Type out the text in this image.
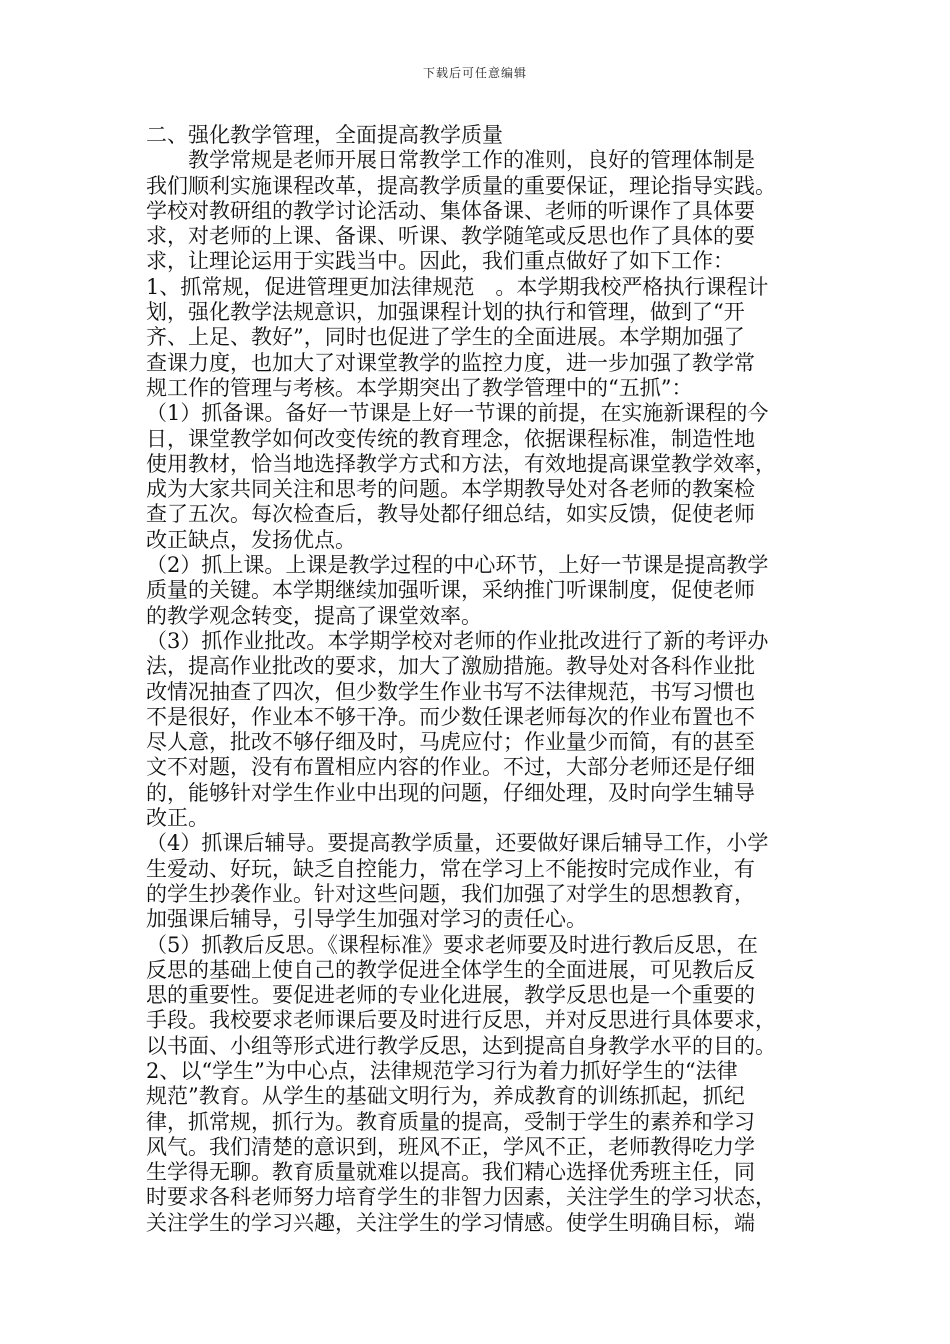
下载后可任意编辑
二、强化教学管理，全面提高教学质量
　　教学常规是老师开展日常教学工作的准则，良好的管理体制是
我们顺利实施课程改革，提高教学质量的重要保证，理论指导实践。
学校对教研组的教学讨论活动、集体备课、老师的听课作了具体要
求，对老师的上课、备课、听课、教学随笔或反思也作了具体的要
求，让理论运用于实践当中。因此，我们重点做好了如下工作：
1、抓常规，促进管理更加法律规范　。本学期我校严格执行课程计
划，强化教学法规意识，加强课程计划的执行和管理，做到了“开
齐、上足、教好”，同时也促进了学生的全面进展。本学期加强了
查课力度，也加大了对课堂教学的监控力度，进一步加强了教学常
规工作的管理与考核。本学期突出了教学管理中的“五抓”：
（1）抓备课。备好一节课是上好一节课的前提，在实施新课程的今
日，课堂教学如何改变传统的教育理念，依据课程标准，制造性地
使用教材，恰当地选择教学方式和方法，有效地提高课堂教学效率，
成为大家共同关注和思考的问题。本学期教导处对各老师的教案检
查了五次。每次检查后，教导处都仔细总结，如实反馈，促使老师
改正缺点，发扬优点。
（2）抓上课。上课是教学过程的中心环节，上好一节课是提高教学
质量的关键。本学期继续加强听课，采纳推门听课制度，促使老师
的教学观念转变，提高了课堂效率。
（3）抓作业批改。本学期学校对老师的作业批改进行了新的考评办
法，提高作业批改的要求，加大了激励措施。教导处对各科作业批
改情况抽查了四次，但少数学生作业书写不法律规范，书写习惯也
不是很好，作业本不够干净。而少数任课老师每次的作业布置也不
尽人意，批改不够仔细及时，马虎应付；作业量少而简，有的甚至
文不对题，没有布置相应内容的作业。不过，大部分老师还是仔细
的，能够针对学生作业中出现的问题，仔细处理，及时向学生辅导
改正。
（4）抓课后辅导。要提高教学质量，还要做好课后辅导工作，小学
生爱动、好玩，缺乏自控能力，常在学习上不能按时完成作业，有
的学生抄袭作业。针对这些问题，我们加强了对学生的思想教育，
加强课后辅导，引导学生加强对学习的责任心。
（5）抓教后反思。《课程标准》要求老师要及时进行教后反思，在
反思的基础上使自己的教学促进全体学生的全面进展，可见教后反
思的重要性。要促进老师的专业化进展，教学反思也是一个重要的
手段。我校要求老师课后要及时进行反思，并对反思进行具体要求，
以书面、小组等形式进行教学反思，达到提高自身教学水平的目的。
2、以“学生”为中心点，法律规范学习行为着力抓好学生的“法律
规范”教育。从学生的基础文明行为，养成教育的训练抓起，抓纪
律，抓常规，抓行为。教育质量的提高，受制于学生的素养和学习
风气。我们清楚的意识到，班风不正，学风不正，老师教得吃力学
生学得无聊。教育质量就难以提高。我们精心选择优秀班主任，同
时要求各科老师努力培育学生的非智力因素，关注学生的学习状态，
关注学生的学习兴趣，关注学生的学习情感。使学生明确目标，端
